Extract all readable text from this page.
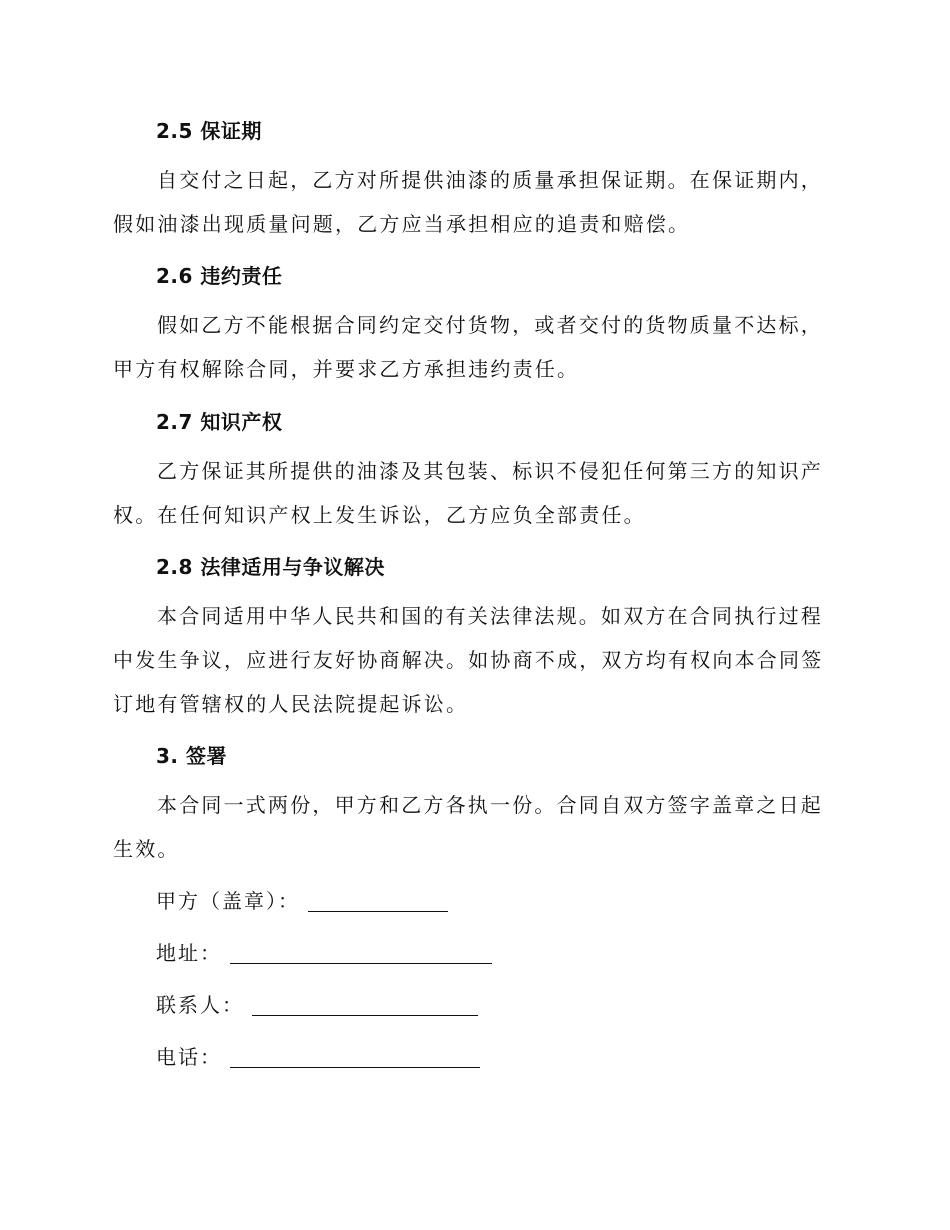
2.5 保证期

自交付之日起，乙方对所提供油漆的质量承担保证期。在保证期内，假如油漆出现质量问题，乙方应当承担相应的追责和赔偿。

2.6 违约责任

假如乙方不能根据合同约定交付货物，或者交付的货物质量不达标，甲方有权解除合同，并要求乙方承担违约责任。

2.7 知识产权

乙方保证其所提供的油漆及其包装、标识不侵犯任何第三方的知识产权。在任何知识产权上发生诉讼，乙方应负全部责任。

2.8 法律适用与争议解决

本合同适用中华人民共和国的有关法律法规。如双方在合同执行过程中发生争议，应进行友好协商解决。如协商不成，双方均有权向本合同签订地有管辖权的人民法院提起诉讼。

3. 签署

本合同一式两份，甲方和乙方各执一份。合同自双方签字盖章之日起生效。

甲方（盖章）：
地址：
联系人：
电话：
